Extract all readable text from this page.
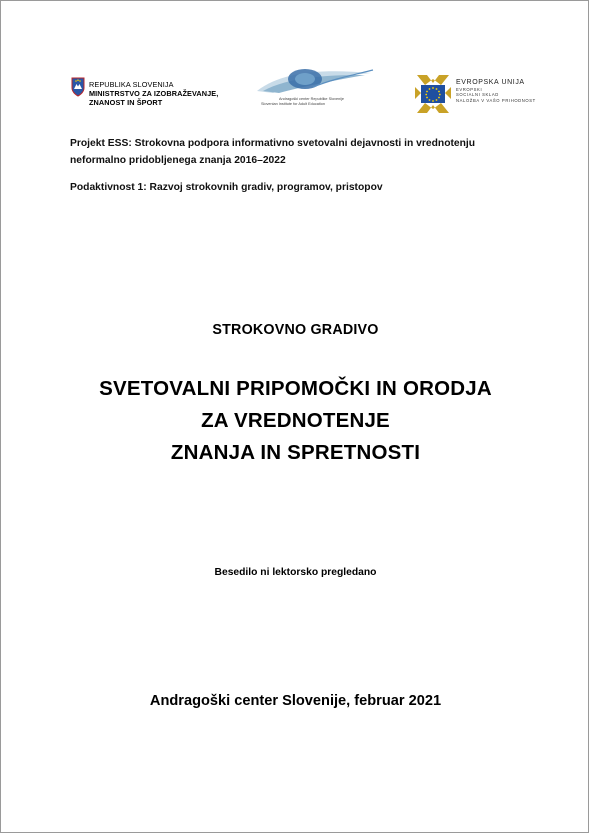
REPUBLIKA SLOVENIJA
MINISTRSTVO ZA IZOBRAŽEVANJE,
ZNANOST IN ŠPORT	Andragoški center Republike Slovenije
Slovenian Institute for Adult Education
EVROPSKA UNIJA
EVROPSKI
SOCIALNI SKLAD
NALOŽBA V VAŠO PRIHODNOST
Projekt ESS: Strokovna podpora informativno svetovalni dejavnosti in vrednotenju neformalno pridobljenega znanja 2016–2022
Podaktivnost 1: Razvoj strokovnih gradiv, programov, pristopov
STROKOVNO GRADIVO
SVETOVALNI PRIPOMOČKI IN ORODJA
ZA VREDNOTENJE
ZNANJA IN SPRETNOSTI
Besedilo ni lektorsko pregledano
Andragoški center Slovenije, februar 2021
